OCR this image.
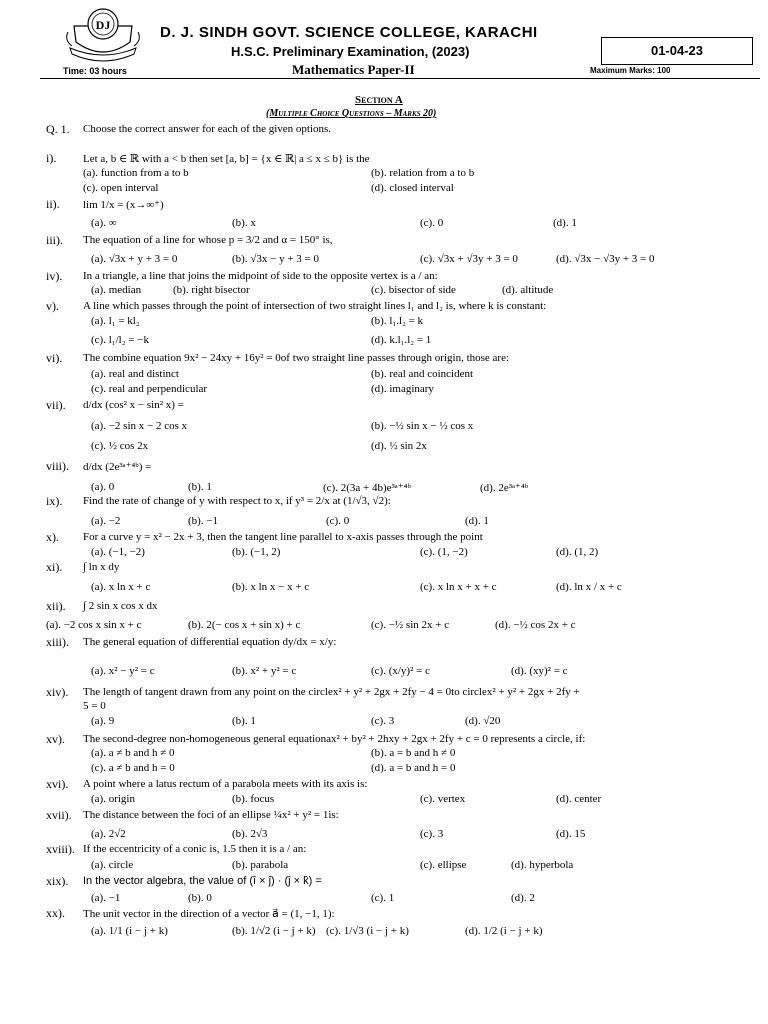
DJ	D. J. SINDH GOVT. SCIENCE COLLEGE, KARACHI
H.S.C. Preliminary Examination, (2023)
Mathematics Paper-II
Time: 03 hours	Maximum Marks: 100
01-04-23
Section A
(Multiple Choice Questions – Marks 20)
Q. 1. Choose the correct answer for each of the given options.
i). Let a, b ∈ ℝ with a < b then set [a, b] = {x ∈ ℝ| a ≤ x ≤ b} is the
(a). function from a to b	(b). relation from a to b
(c). open interval	(d). closed interval
ii). lim 1/x = (x→∞⁺)
(a). ∞	(b). x	(c). 0	(d). 1
iii). The equation of a line for whose p = 3/2 and α = 150° is,
(a). √3x + y + 3 = 0	(b). √3x − y + 3 = 0	(c). √3x + √3y + 3 = 0	(d). √3x − √3y + 3 = 0
iv). In a triangle, a line that joins the midpoint of side to the opposite vertex is a / an:
(a). median	(b). right bisector	(c). bisector of side	(d). altitude
v). A line which passes through the point of intersection of two straight lines l₁ and l₂ is, where k is constant:
(a). l₁ = kl₂	(b). l₁.l₂ = k
(c). l₁/l₂ = −k	(d). k.l₁.l₂ = 1
vi). The combine equation 9x² − 24xy + 16y² = 0of two straight line passes through origin, those are:
(a). real and distinct	(b). real and coincident
(c). real and perpendicular	(d). imaginary
vii). d/dx (cos² x − sin² x) =
(a). −2 sin x − 2 cos x	(b). −½ sin x − ½ cos x
(c). ½ cos 2x	(d). ½ sin 2x
viii). d/dx (2e³ᵃ⁺⁴ᵇ) =
(a). 0	(b). 1	(c). 2(3a + 4b)e³ᵃ⁺⁴ᵇ	(d). 2e³ᵃ⁺⁴ᵇ
ix). Find the rate of change of y with respect to x, if y³ = 2/x at (1/√3, √2):
(a). −2	(b). −1	(c). 0	(d). 1
x). For a curve y = x² − 2x + 3, then the tangent line parallel to x-axis passes through the point
(a). (−1, −2)	(b). (−1, 2)	(c). (1, −2)	(d). (1, 2)
xi). ∫ ln x dy
(a). x ln x + c	(b). x ln x − x + c	(c). x ln x + x + c	(d). ln x / x + c
xii). ∫ 2 sin x cos x dx
(a). −2 cos x sin x + c	(b). 2(− cos x + sin x) + c	(c). −½ sin 2x + c	(d). −½ cos 2x + c
xiii). The general equation of differential equation dy/dx = x/y:
(a). x² − y² = c	(b). x² + y² = c	(c). (x/y)² = c	(d). (xy)² = c
xiv). The length of tangent drawn from any point on the circlex² + y² + 2gx + 2fy − 4 = 0to circlex² + y² + 2gx + 2fy +
5 = 0
(a). 9	(b). 1	(c). 3	(d). √20
xv). The second-degree non-homogeneous general equationax² + by² + 2hxy + 2gx + 2fy + c = 0 represents a circle, if:
(a). a ≠ b and h ≠ 0	(b). a = b and h ≠ 0
(c). a ≠ b and h = 0	(d). a = b and h = 0
xvi). A point where a latus rectum of a parabola meets with its axis is:
(a). origin	(b). focus	(c). vertex	(d). center
xvii). The distance between the foci of an ellipse ¼x² + y² = 1is:
(a). 2√2	(b). 2√3	(c). 3	(d). 15
xviii). If the eccentricity of a conic is, 1.5 then it is a / an:
(a). circle	(b). parabola	(c). ellipse	(d). hyperbola
xix). In the vector algebra, the value of (î × ĵ) · (ĵ × k̂) =
(a). −1	(b). 0	(c). 1	(d). 2
xx). The unit vector in the direction of a vector a⃗ = (1, −1, 1):
(a). 1/1 (i − j + k)	(b). 1/√2 (i − j + k) (c). 1/√3 (i − j + k)	(d). 1/2 (i − j + k)
